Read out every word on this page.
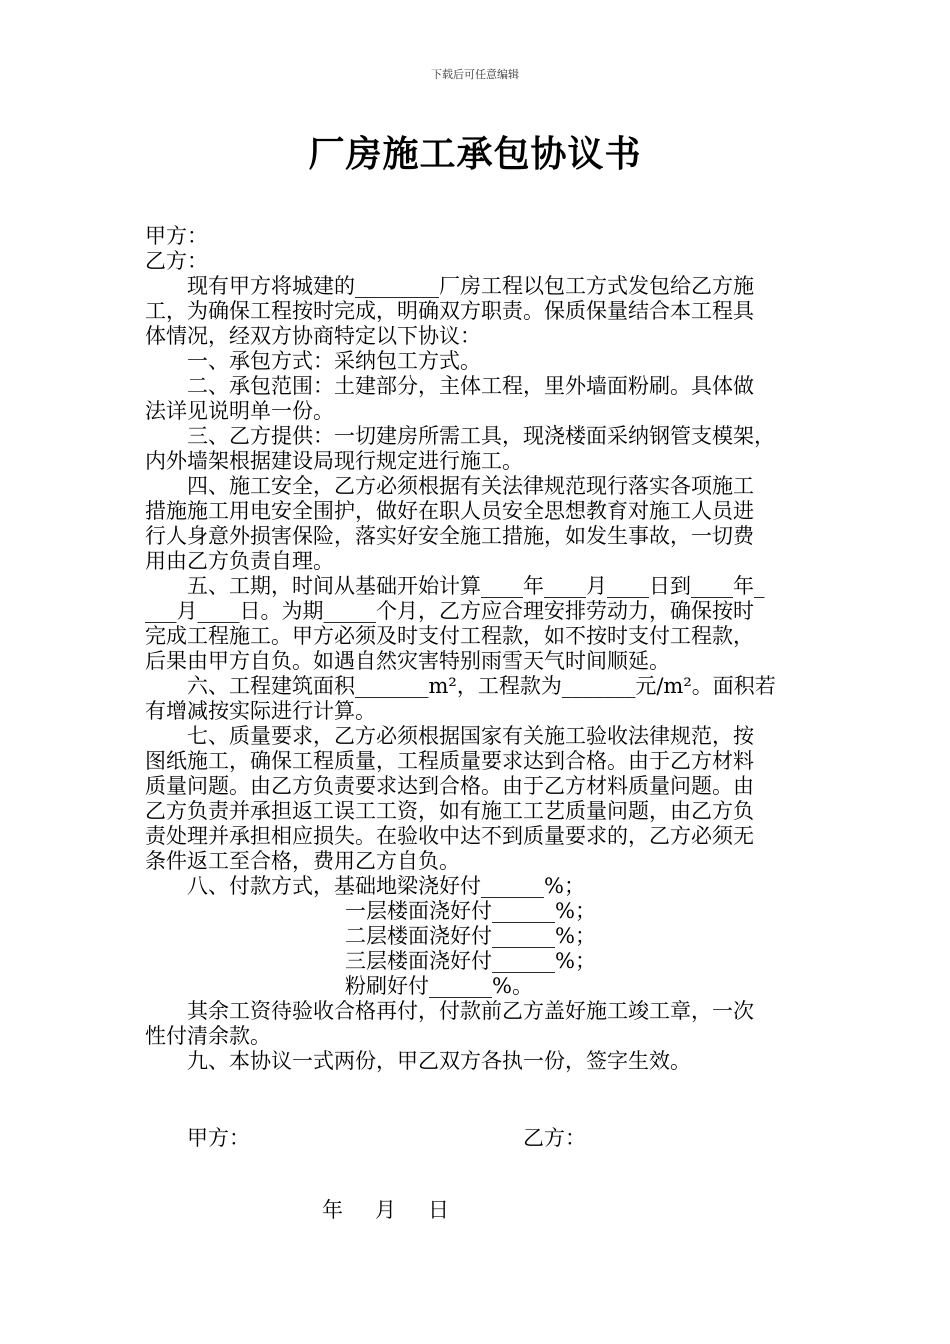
下载后可任意编辑
厂房施工承包协议书
甲方：
乙方：
现有甲方将城建的________厂房工程以包工方式发包给乙方施
工，为确保工程按时完成，明确双方职责。保质保量结合本工程具
体情况，经双方协商特定以下协议：
一、承包方式：采纳包工方式。
二、承包范围：土建部分，主体工程，里外墙面粉刷。具体做
法详见说明单一份。
三、乙方提供：一切建房所需工具，现浇楼面采纳钢管支模架，
内外墙架根据建设局现行规定进行施工。
四、施工安全，乙方必须根据有关法律规范现行落实各项施工
措施施工用电安全围护，做好在职人员安全思想教育对施工人员进
行人身意外损害保险，落实好安全施工措施，如发生事故，一切费
用由乙方负责自理。
五、工期，时间从基础开始计算____年____月____日到____年_
___月____日。为期_____个月，乙方应合理安排劳动力，确保按时
完成工程施工。甲方必须及时支付工程款，如不按时支付工程款，
后果由甲方自负。如遇自然灾害特别雨雪天气时间顺延。
六、工程建筑面积_______m²，工程款为_______元/m²。面积若
有增减按实际进行计算。
七、质量要求，乙方必须根据国家有关施工验收法律规范，按
图纸施工，确保工程质量，工程质量要求达到合格。由于乙方材料
质量问题。由乙方负责要求达到合格。由于乙方材料质量问题。由
乙方负责并承担返工误工工资，如有施工工艺质量问题，由乙方负
责处理并承担相应损失。在验收中达不到质量要求的，乙方必须无
条件返工至合格，费用乙方自负。
八、付款方式，基础地梁浇好付______%；
一层楼面浇好付______%；
二层楼面浇好付______%；
三层楼面浇好付______%；
粉刷好付______%。
其余工资待验收合格再付，付款前乙方盖好施工竣工章，一次
性付清余款。
九、本协议一式两份，甲乙双方各执一份，签字生效。
甲方：	乙方：
年 月 日
